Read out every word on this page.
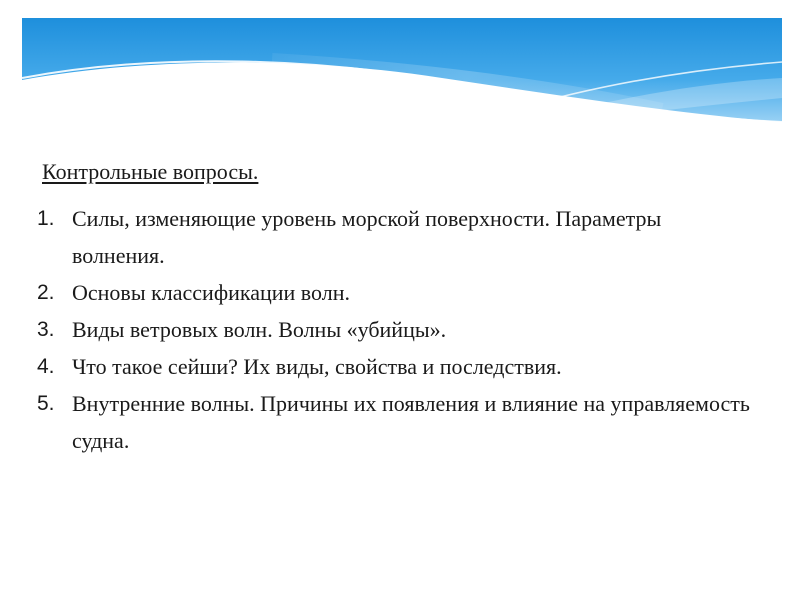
Контрольные вопросы.
1. Силы, изменяющие уровень морской поверхности. Параметры волнения.
2. Основы классификации волн.
3. Виды ветровых волн. Волны «убийцы».
4. Что такое сейши? Их виды, свойства и последствия.
5. Внутренние волны. Причины их появления и влияние на управляемость судна.
